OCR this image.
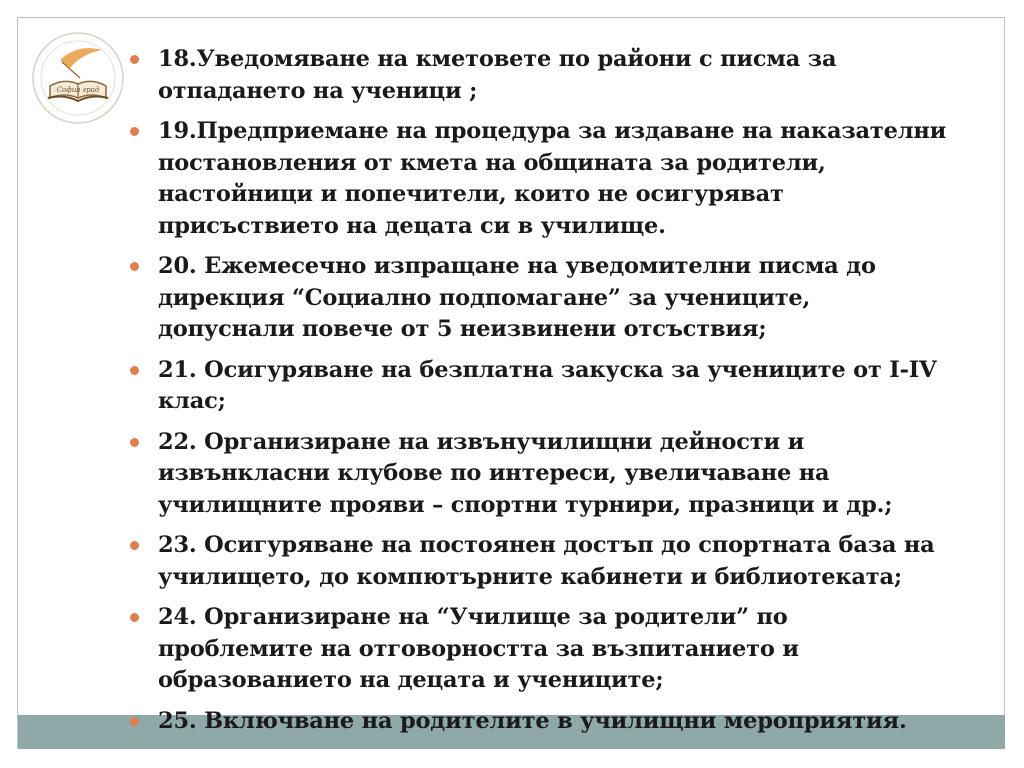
Софиа град
18.Уведомяване на кметовете по райони с писма за
отпадането на ученици ;
19.Предприемане на процедура за издаване на наказателни
постановления от кмета на общината за родители,
настойници и попечители, които не осигуряват
присъствието на децата си в училище.
20. Ежемесечно изпращане на уведомителни писма до
дирекция “Социално подпомагане” за учениците,
допуснали повече от 5 неизвинени отсъствия;
21. Осигуряване на безплатна закуска за учениците от I-IV
клас;
22. Организиране на извънучилищни дейности и
извънкласни клубове по интереси, увеличаване на
училищните прояви – спортни турнири, празници и др.;
23. Осигуряване на постоянен достъп до спортната база на
училището, до компютърните кабинети и библиотеката;
24. Организиране на “Училище за родители” по
проблемите на отговорността за възпитанието и
образованието на децата и учениците;
25. Включване на родителите в училищни мероприятия.
